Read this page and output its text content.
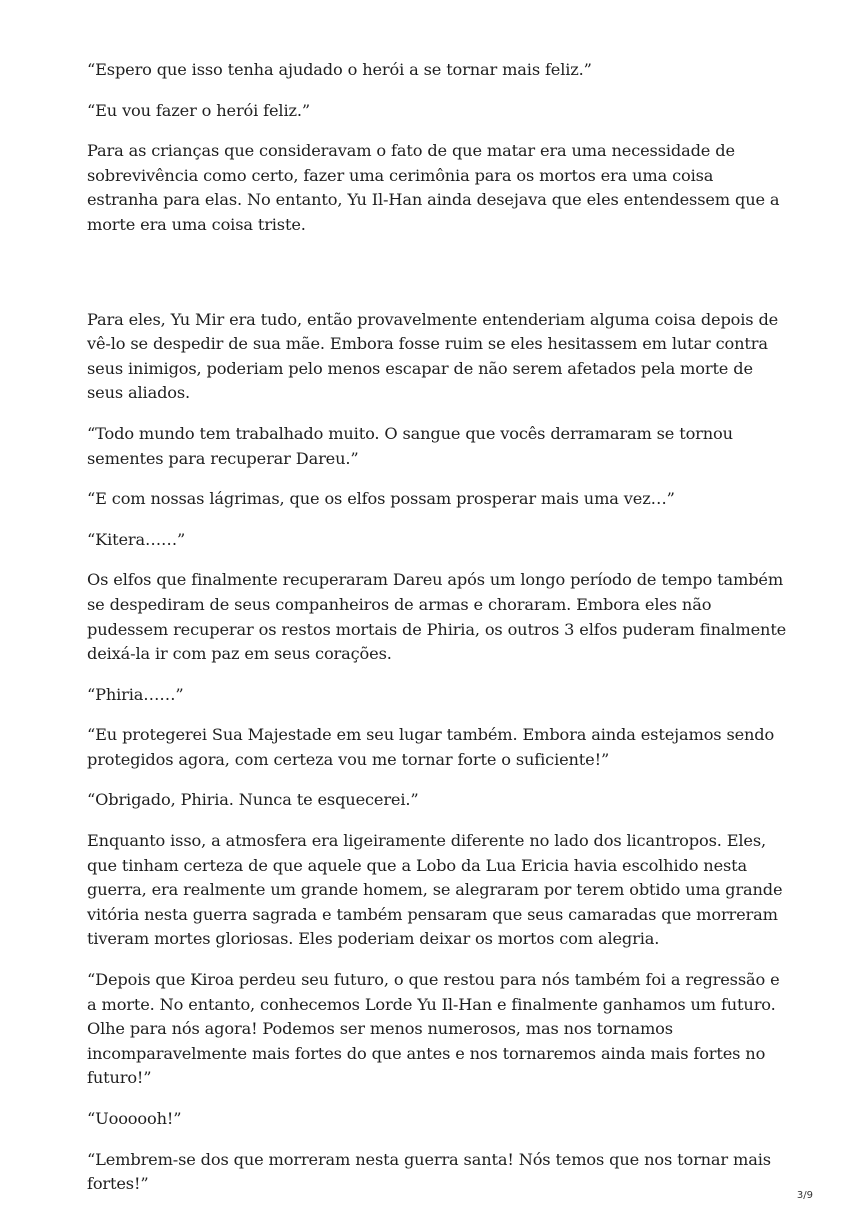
“Espero que isso tenha ajudado o herói a se tornar mais feliz.”

“Eu vou fazer o herói feliz.”

Para as crianças que consideravam o fato de que matar era uma necessidade de sobrevivência como certo, fazer uma cerimônia para os mortos era uma coisa estranha para elas. No entanto, Yu Il-Han ainda desejava que eles entendessem que a morte era uma coisa triste.

Para eles, Yu Mir era tudo, então provavelmente entenderiam alguma coisa depois de vê-lo se despedir de sua mãe. Embora fosse ruim se eles hesitassem em lutar contra seus inimigos, poderiam pelo menos escapar de não serem afetados pela morte de seus aliados.

“Todo mundo tem trabalhado muito. O sangue que vocês derramaram se tornou sementes para recuperar Dareu.”

“E com nossas lágrimas, que os elfos possam prosperar mais uma vez…”

“Kitera……”

Os elfos que finalmente recuperaram Dareu após um longo período de tempo também se despediram de seus companheiros de armas e choraram. Embora eles não pudessem recuperar os restos mortais de Phiria, os outros 3 elfos puderam finalmente deixá-la ir com paz em seus corações.

“Phiria……”

“Eu protegerei Sua Majestade em seu lugar também. Embora ainda estejamos sendo protegidos agora, com certeza vou me tornar forte o suficiente!”

“Obrigado, Phiria. Nunca te esquecerei.”

Enquanto isso, a atmosfera era ligeiramente diferente no lado dos licantropos. Eles, que tinham certeza de que aquele que a Lobo da Lua Ericia havia escolhido nesta guerra, era realmente um grande homem, se alegraram por terem obtido uma grande vitória nesta guerra sagrada e também pensaram que seus camaradas que morreram tiveram mortes gloriosas. Eles poderiam deixar os mortos com alegria.

“Depois que Kiroa perdeu seu futuro, o que restou para nós também foi a regressão e a morte. No entanto, conhecemos Lorde Yu Il-Han e finalmente ganhamos um futuro. Olhe para nós agora! Podemos ser menos numerosos, mas nos tornamos incomparavelmente mais fortes do que antes e nos tornaremos ainda mais fortes no futuro!”

“Uoooooh!”

“Lembrem-se dos que morreram nesta guerra santa! Nós temos que nos tornar mais fortes!”

3/9
